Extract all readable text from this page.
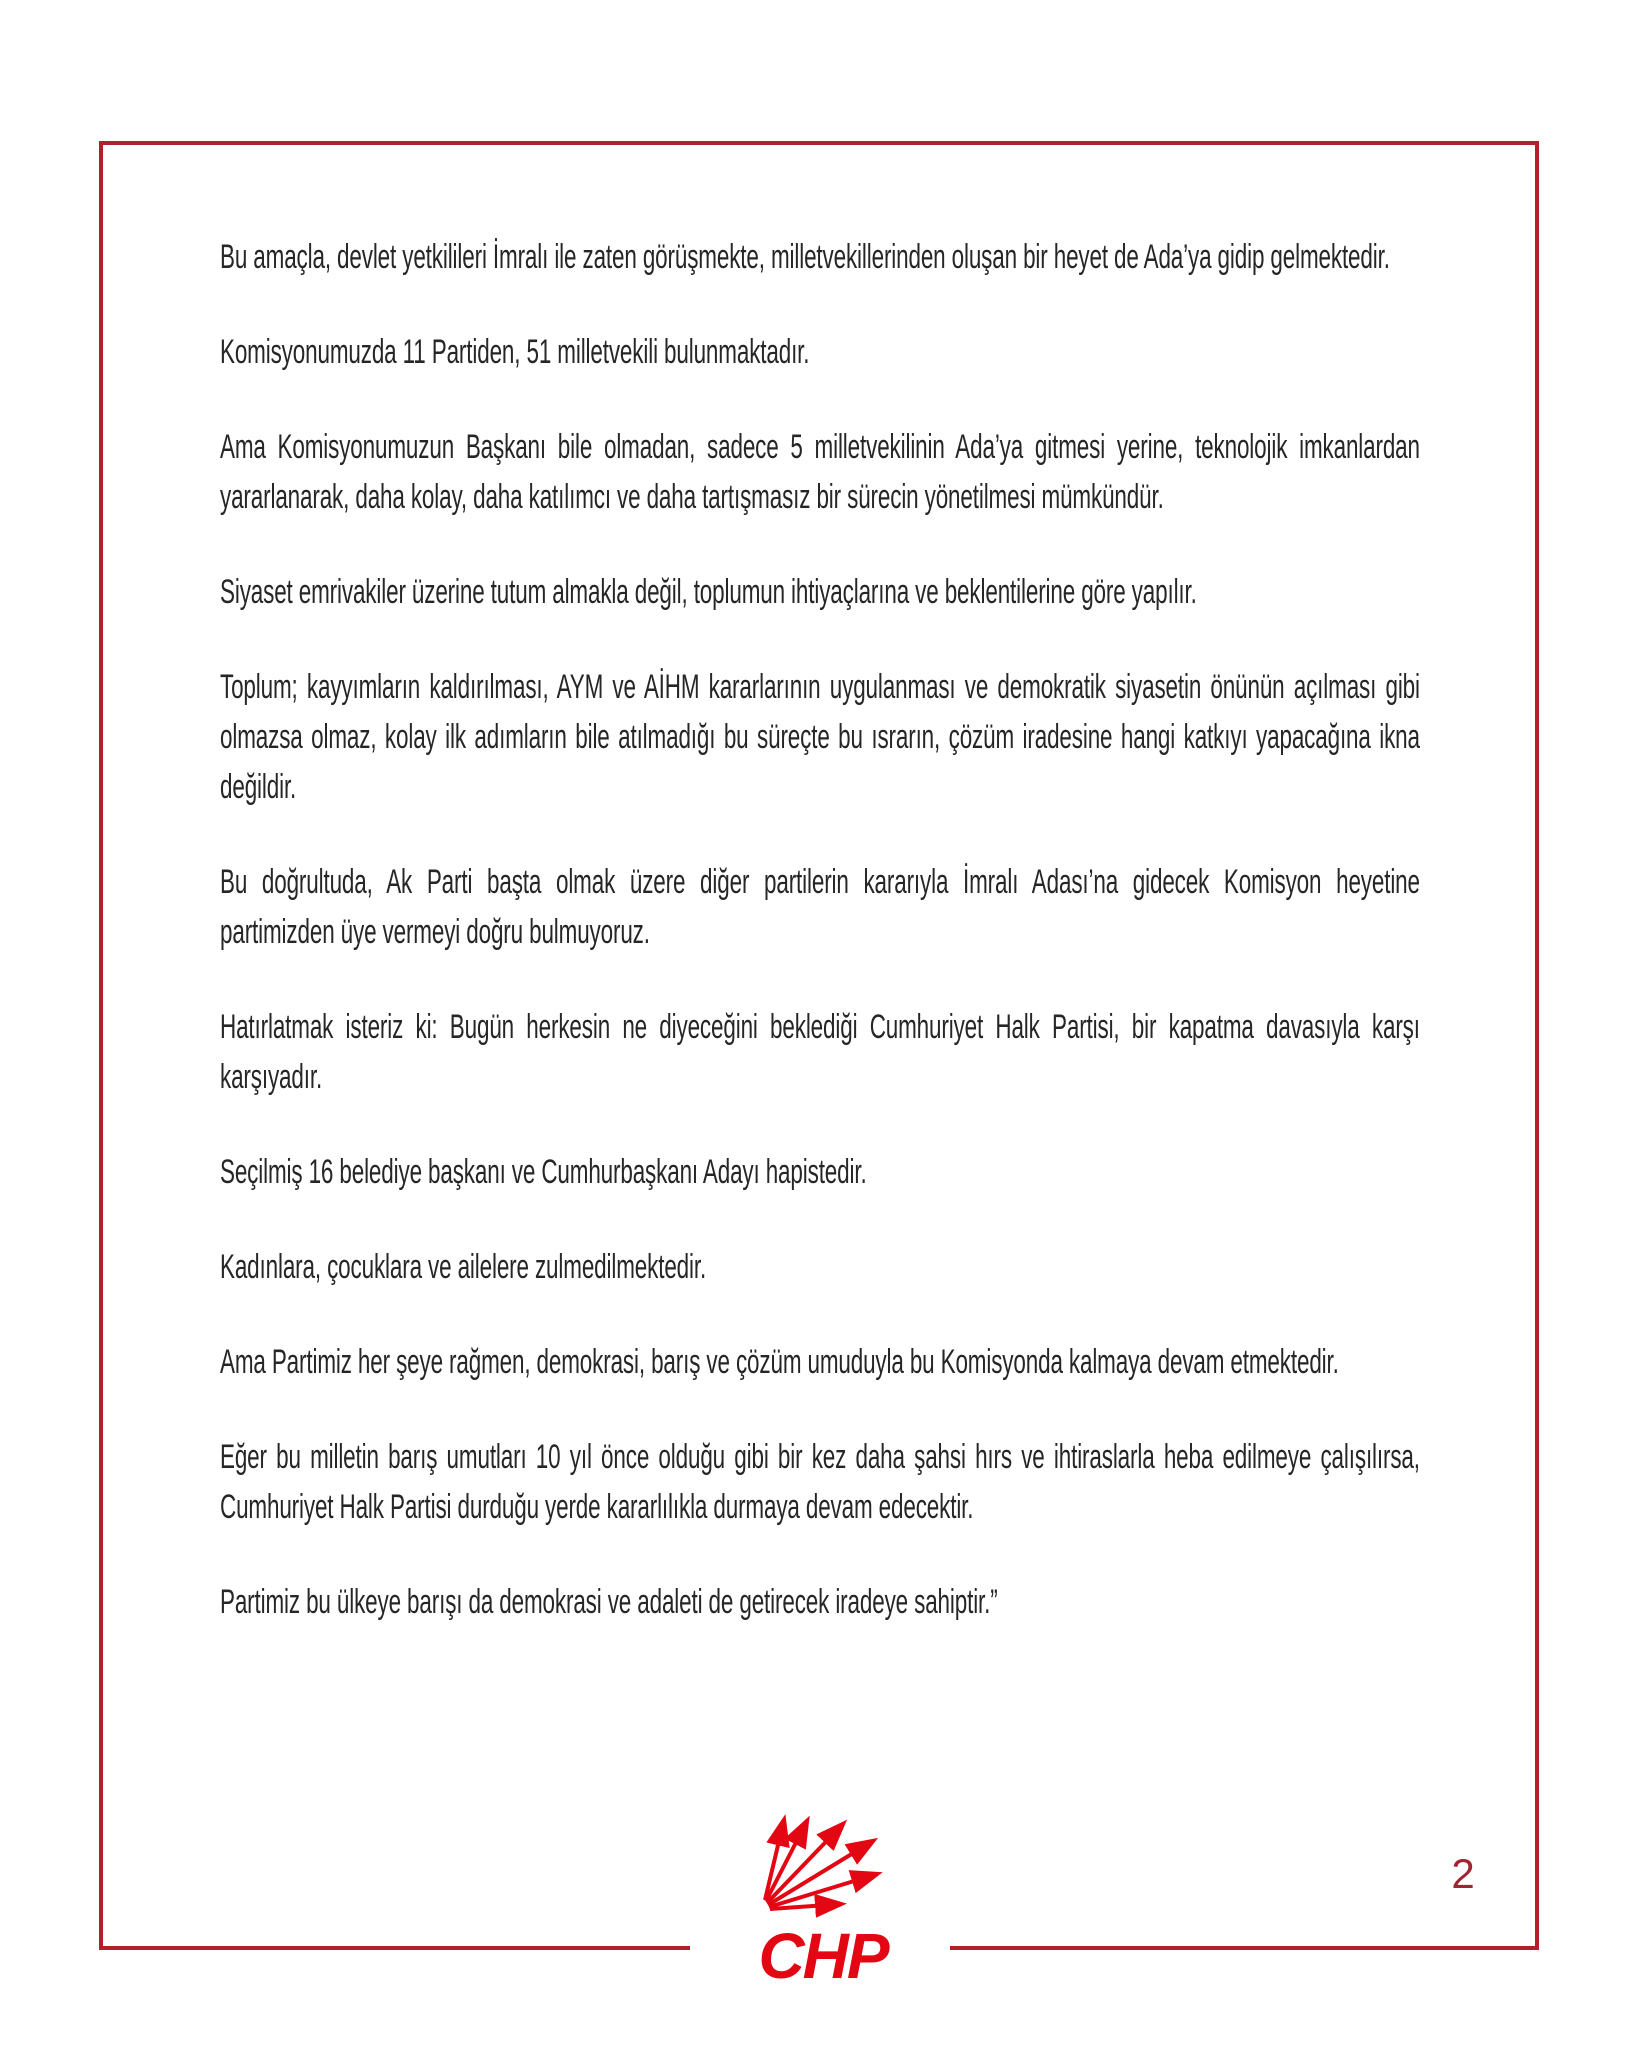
Bu amaçla, devlet yetkilileri İmralı ile zaten görüşmekte, milletvekillerinden oluşan bir heyet de Ada’ya gidip gelmektedir.

Komisyonumuzda 11 Partiden, 51 milletvekili bulunmaktadır.

Ama Komisyonumuzun Başkanı bile olmadan, sadece 5 milletvekilinin Ada’ya gitmesi yerine, teknolojik imkanlardan yararlanarak, daha kolay, daha katılımcı ve daha tartışmasız bir sürecin yönetilmesi mümkündür.

Siyaset emrivakiler üzerine tutum almakla değil, toplumun ihtiyaçlarına ve beklentilerine göre yapılır.

Toplum; kayyımların kaldırılması, AYM ve AİHM kararlarının uygulanması ve demokratik siyasetin önünün açılması gibi olmazsa olmaz, kolay ilk adımların bile atılmadığı bu süreçte bu ısrarın, çözüm iradesine hangi katkıyı yapacağına ikna değildir.

Bu doğrultuda, Ak Parti başta olmak üzere diğer partilerin kararıyla İmralı Adası’na gidecek Komisyon heyetine partimizden üye vermeyi doğru bulmuyoruz.

Hatırlatmak isteriz ki: Bugün herkesin ne diyeceğini beklediği Cumhuriyet Halk Partisi, bir kapatma davasıyla karşı karşıyadır.

Seçilmiş 16 belediye başkanı ve Cumhurbaşkanı Adayı hapistedir.

Kadınlara, çocuklara ve ailelere zulmedilmektedir.

Ama Partimiz her şeye rağmen, demokrasi, barış ve çözüm umuduyla bu Komisyonda kalmaya devam etmektedir.

Eğer bu milletin barış umutları 10 yıl önce olduğu gibi bir kez daha şahsi hırs ve ihtiraslarla heba edilmeye çalışılırsa, Cumhuriyet Halk Partisi durduğu yerde kararlılıkla durmaya devam edecektir.

Partimiz bu ülkeye barışı da demokrasi ve adaleti de getirecek iradeye sahiptir.”

CHP
2
